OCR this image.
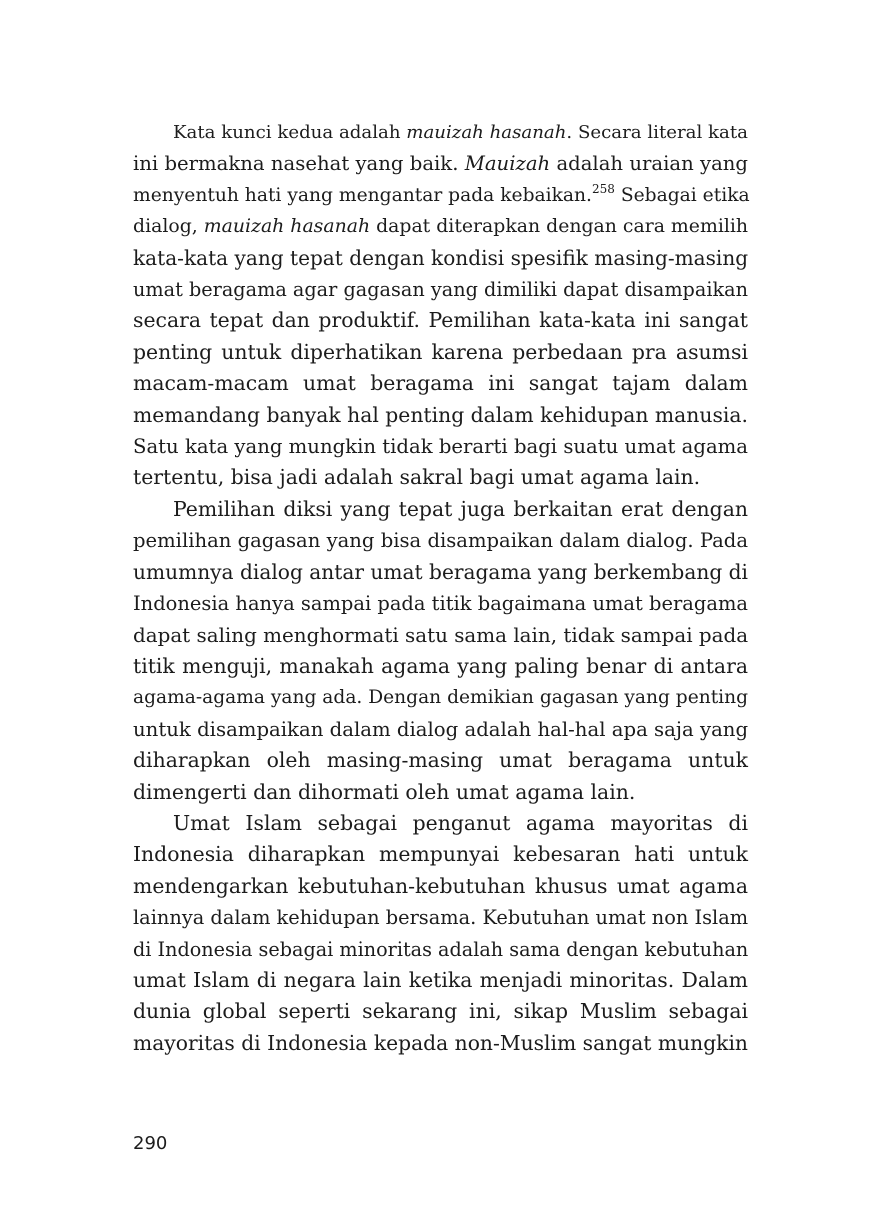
Kata kunci kedua adalah mauizah hasanah. Secara literal kata
ini bermakna nasehat yang baik. Mauizah adalah uraian yang
menyentuh hati yang mengantar pada kebaikan.$^{258}$ Sebagai etika
dialog, mauizah hasanah dapat diterapkan dengan cara memilih
kata-kata yang tepat dengan kondisi spesifik masing-masing
umat beragama agar gagasan yang dimiliki dapat disampaikan
secara tepat dan produktif. Pemilihan kata-kata ini sangat
penting untuk diperhatikan karena perbedaan pra asumsi
macam-macam umat beragama ini sangat tajam dalam
memandang banyak hal penting dalam kehidupan manusia.
Satu kata yang mungkin tidak berarti bagi suatu umat agama
tertentu, bisa jadi adalah sakral bagi umat agama lain.

Pemilihan diksi yang tepat juga berkaitan erat dengan
pemilihan gagasan yang bisa disampaikan dalam dialog. Pada
umumnya dialog antar umat beragama yang berkembang di
Indonesia hanya sampai pada titik bagaimana umat beragama
dapat saling menghormati satu sama lain, tidak sampai pada
titik menguji, manakah agama yang paling benar di antara
agama-agama yang ada. Dengan demikian gagasan yang penting
untuk disampaikan dalam dialog adalah hal-hal apa saja yang
diharapkan oleh masing-masing umat beragama untuk
dimengerti dan dihormati oleh umat agama lain.

Umat Islam sebagai penganut agama mayoritas di
Indonesia diharapkan mempunyai kebesaran hati untuk
mendengarkan kebutuhan-kebutuhan khusus umat agama
lainnya dalam kehidupan bersama. Kebutuhan umat non Islam
di Indonesia sebagai minoritas adalah sama dengan kebutuhan
umat Islam di negara lain ketika menjadi minoritas. Dalam
dunia global seperti sekarang ini, sikap Muslim sebagai
mayoritas di Indonesia kepada non-Muslim sangat mungkin

290
